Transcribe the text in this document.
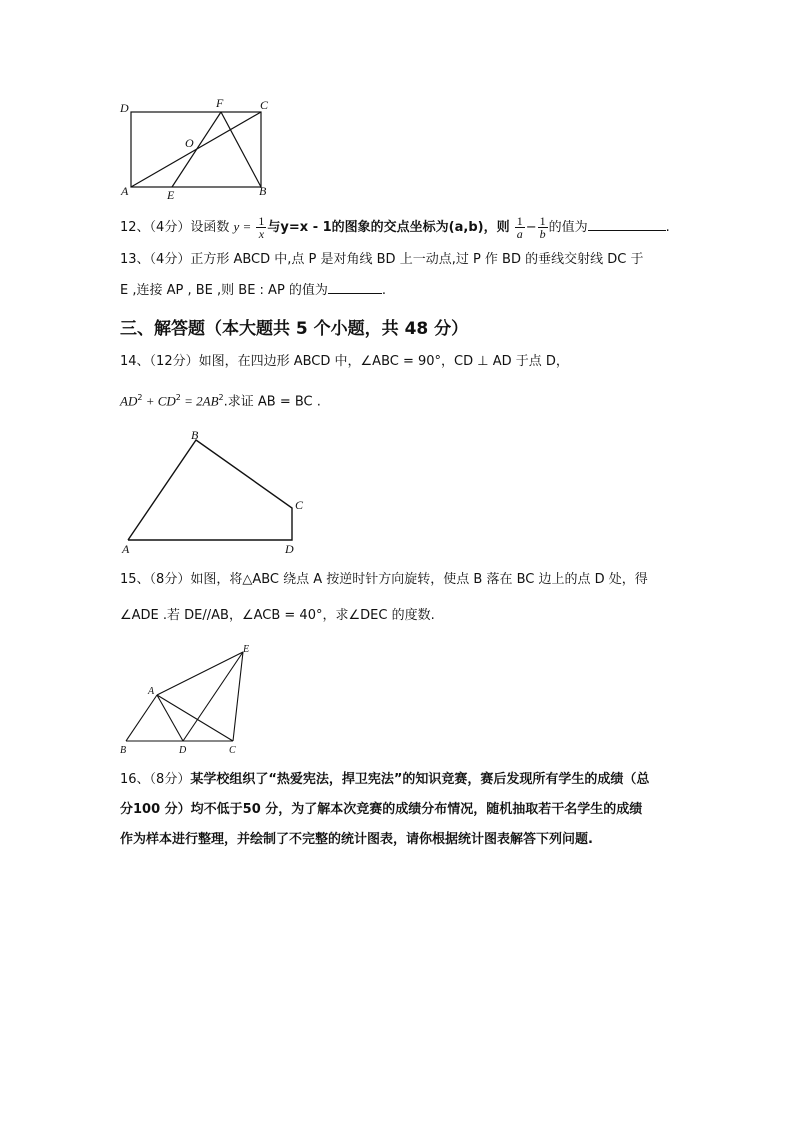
D	F	C
O
A	E	B
12、（4分）设函数 $y = \frac{1}{x}$ 与y=x - 1的图象的交点坐标为(a,b)，则 $\frac{1}{a} - \frac{1}{b}$ 的值为	.
13、（4分）正方形 ABCD 中,点 P 是对角线 BD 上一动点,过 P 作 BD 的垂线交射线 DC 于
E ,连接 AP , BE ,则 BE : AP 的值为	.
三、解答题（本大题共 5 个小题，共 48 分）
14、（12分）如图，在四边形 ABCD 中，∠ABC = 90°，CD ⊥ AD 于点 D，
$AD^2 + CD^2 = 2AB^2$.求证 AB = BC .
B
C
A	D
15、（8分）如图，将△ABC 绕点 A 按逆时针方向旋转，使点 B 落在 BC 边上的点 D 处，得
∠ADE .若 DE//AB，∠ACB = 40°，求∠DEC 的度数.
E
A
B	D	C
16、（8分）某学校组织了“热爱宪法，捍卫宪法”的知识竞赛，赛后发现所有学生的成绩（总
分100 分）均不低于50 分，为了解本次竞赛的成绩分布情况，随机抽取若干名学生的成绩
作为样本进行整理，并绘制了不完整的统计图表，请你根据统计图表解答下列问题.
